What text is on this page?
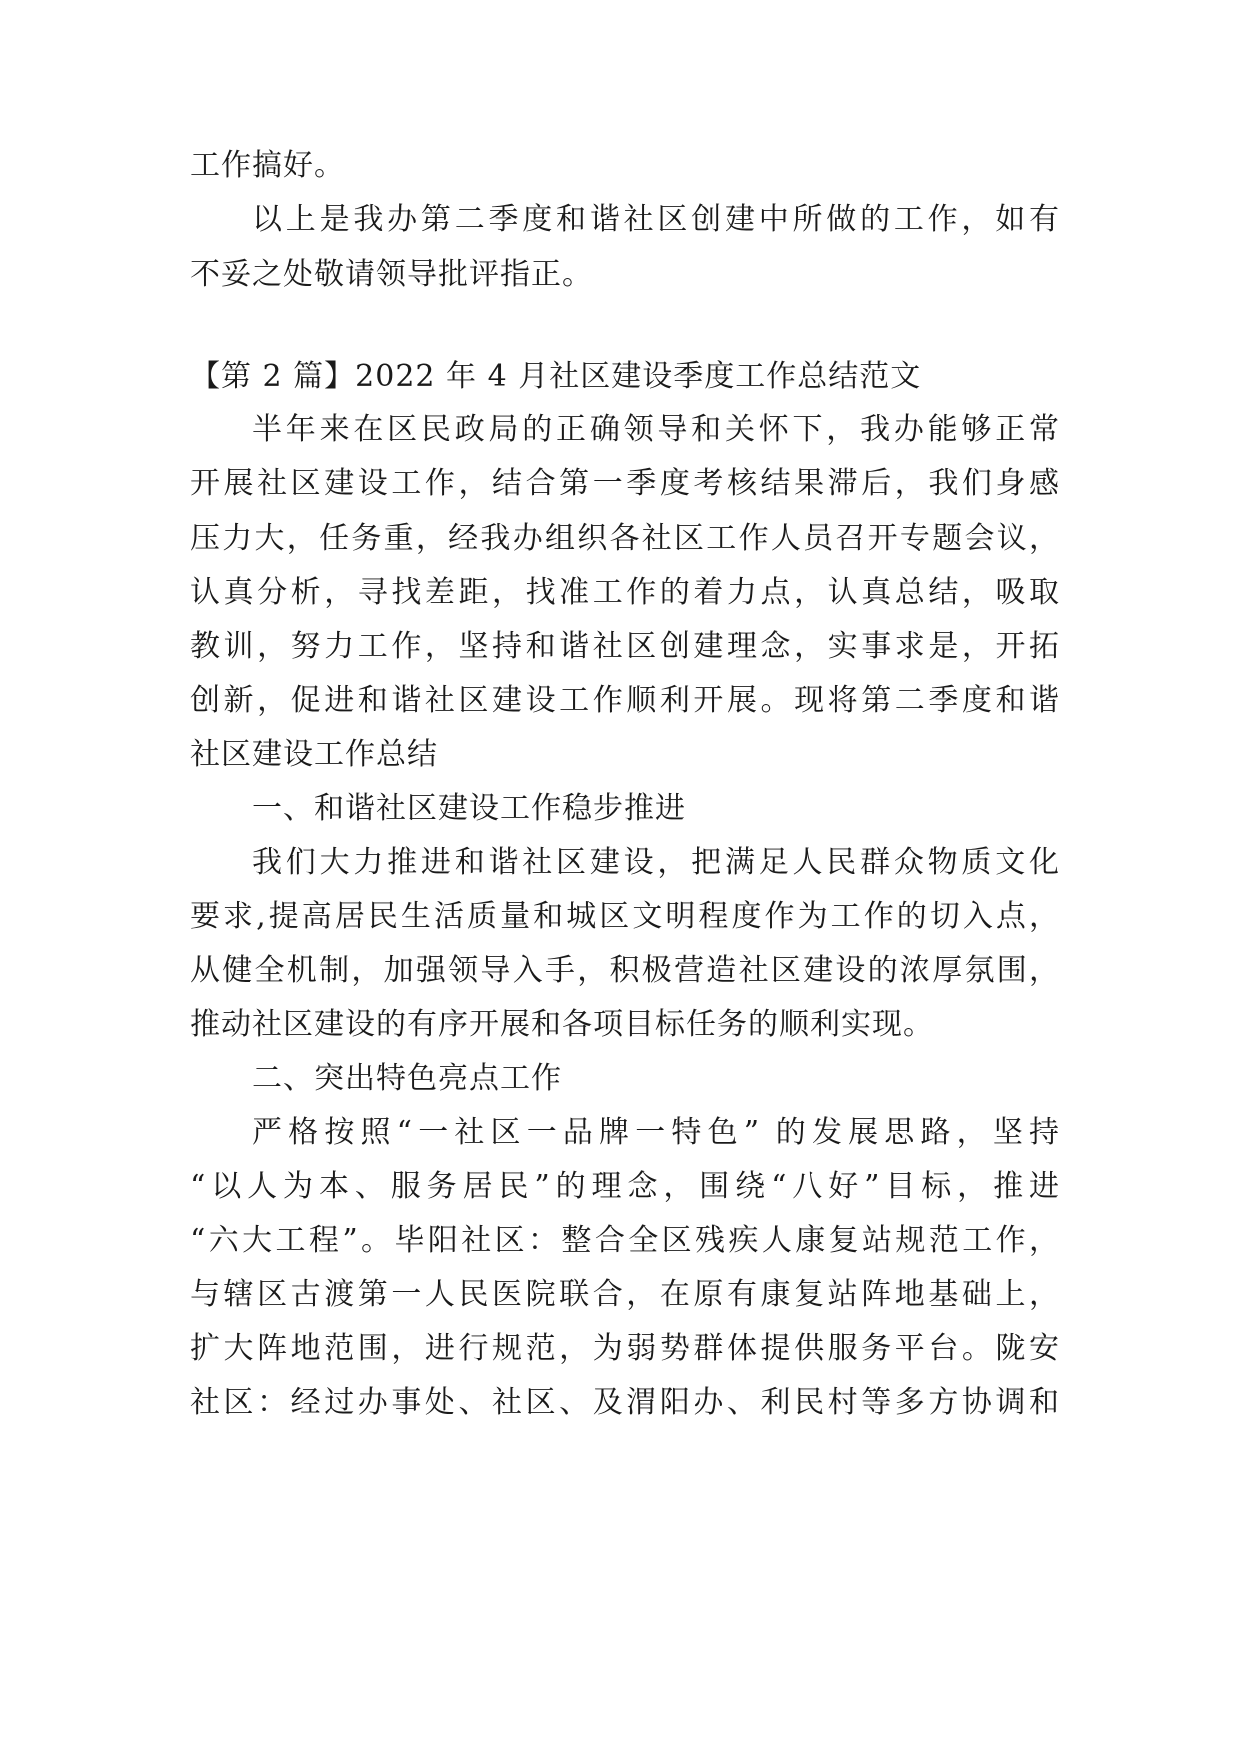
工作搞好。
以上是我办第二季度和谐社区创建中所做的工作，如有
不妥之处敬请领导批评指正。
【第 2 篇】2022 年 4 月社区建设季度工作总结范文
半年来在区民政局的正确领导和关怀下，我办能够正常
开展社区建设工作，结合第一季度考核结果滞后，我们身感
压力大，任务重，经我办组织各社区工作人员召开专题会议，
认真分析，寻找差距，找准工作的着力点，认真总结，吸取
教训，努力工作，坚持和谐社区创建理念，实事求是，开拓
创新，促进和谐社区建设工作顺利开展。现将第二季度和谐
社区建设工作总结
一、和谐社区建设工作稳步推进
我们大力推进和谐社区建设，把满足人民群众物质文化
要求,提高居民生活质量和城区文明程度作为工作的切入点，
从健全机制，加强领导入手，积极营造社区建设的浓厚氛围，
推动社区建设的有序开展和各项目标任务的顺利实现。
二、突出特色亮点工作
严格按照“一社区一品牌一特色” 的发展思路，坚持
“以人为本、服务居民”的理念，围绕“八好”目标，推进
“六大工程”。毕阳社区：整合全区残疾人康复站规范工作，
与辖区古渡第一人民医院联合，在原有康复站阵地基础上，
扩大阵地范围，进行规范，为弱势群体提供服务平台。陇安
社区：经过办事处、社区、及渭阳办、利民村等多方协调和
